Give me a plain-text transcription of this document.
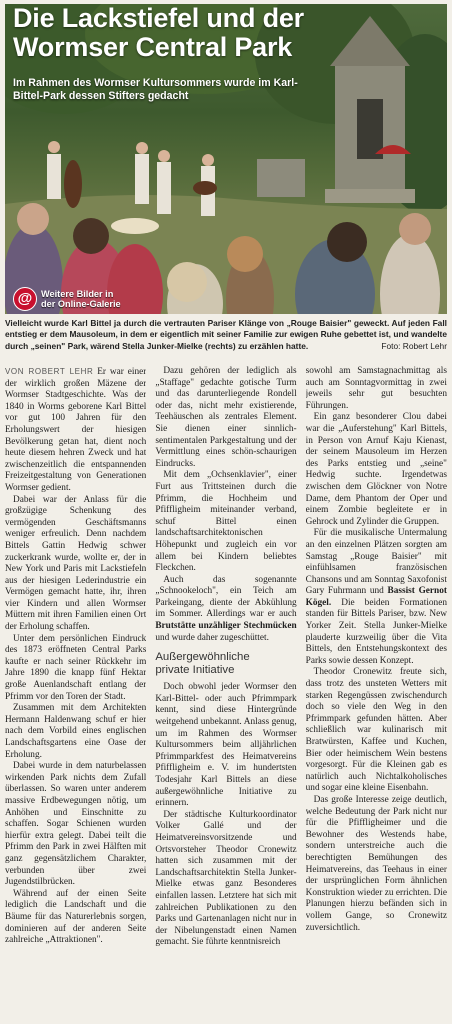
Die Lackstiefel und der
Wormser Central Park
Im Rahmen des Wormser Kultursommers wurde im Karl-Bittel-Park dessen Stifters gedacht
@ Weitere Bilder in
der Online-Galerie
Vielleicht wurde Karl Bittel ja durch die vertrauten Pariser Klänge von „Rouge Baisier" geweckt. Auf jeden Fall entstieg er dem Mausoleum, in dem er eigentlich mit seiner Familie zur ewigen Ruhe gebettet ist, und wandelte durch „seinen" Park, wärend Stella Junker-Mielke (rechts) zu erzählen hatte.	Foto: Robert Lehr

VON ROBERT LEHR Er war einer der wirklich großen Mäzene der Wormser Stadtgeschichte. Was der 1840 in Worms geborene Karl Bittel vor gut 100 Jahren für den Erholungswert der hiesigen Bevölkerung getan hat, dient noch heute diesem hehren Zweck und hat zwischenzeitlich die entspannenden Freizeitgestaltung von Generationen Wormser gedient.

Dabei war der Anlass für die großzügige Schenkung des vermögenden Geschäftsmanns weniger erfreulich. Denn nachdem Bittels Gattin Hedwig schwer zuckerkrank wurde, wollte er, der in New York und Paris mit Lackstiefeln aus der hiesigen Lederindustrie ein Vermögen gemacht hatte, ihr, ihren vier Kindern und allen Wormser Müttern mit ihren Familien einen Ort der Erholung schaffen.

Unter dem persönlichen Eindruck des 1873 eröffneten Central Parks kaufte er nach seiner Rückkehr im Jahre 1890 die knapp fünf Hektar große Auenlandschaft entlang der Pfrimm vor den Toren der Stadt.

Zusammen mit dem Architekten Hermann Haldenwang schuf er hier nach dem Vorbild eines englischen Landschaftsgartens eine Oase der Erholung.

Dabei wurde in dem naturbelassen wirkenden Park nichts dem Zufall überlassen. So waren unter anderem massive Erdbewegungen nötig, um Anhöhen und Einschnitte zu schaffen. Sogar Schienen wurden hierfür extra gelegt. Dabei teilt die Pfrimm den Park in zwei Hälften mit ganz gegensätzlichem Charakter, verbunden über zwei Jugendstilbrücken.

Während auf der einen Seite lediglich die Landschaft und die Bäume für das Naturerlebnis sorgen, dominieren auf der anderen Seite zahlreiche „Attraktionen".

Dazu gehören der lediglich als „Staffage" gedachte gotische Turm und das darunterliegende Rondell oder das, nicht mehr existierende, Teehäuschen als zentrales Element. Sie dienen einer sinnlich-sentimentalen Parkgestaltung und der Vermittlung eines schön-schaurigen Eindrucks.

Mit dem „Ochsenklavier", einer Furt aus Trittsteinen durch die Pfrimm, die Hochheim und Pfiffligheim miteinander verband, schuf Bittel einen landschaftsarchitektonischen Höhepunkt und zugleich ein vor allem bei Kindern beliebtes Fleckchen.

Auch das sogenannte „Schnookeloch", ein Teich am Parkeingang, diente der Abkühlung im Sommer. Allerdings war er auch Brutstätte unzähliger Stechmücken und wurde daher zugeschüttet.

Außergewöhnliche
private Initiative

Doch obwohl jeder Wormser den Karl-Bittel- oder auch Pfrimmpark kennt, sind diese Hintergründe weitgehend unbekannt. Anlass genug, um im Rahmen des Wormser Kultursommers beim alljährlichen Pfrimmparkfest des Heimatvereins Pfiffligheim e. V. im hundertsten Todesjahr Karl Bittels an diese außergewöhnliche Initiative zu erinnern.

Der städtische Kulturkoordinator Volker Gallé und der Heimatvereinsvorsitzende und Ortsvorsteher Theodor Cronewitz hatten sich zusammen mit der Landschaftsarchitektin Stella Junker-Mielke etwas ganz Besonderes einfallen lassen. Letztere hat sich mit zahlreichen Publikationen zu den Parks und Gartenanlagen nicht nur in der Nibelungenstadt einen Namen gemacht. Sie führte kenntnisreich

sowohl am Samstagnachmittag als auch am Sonntagvormittag in zwei jeweils sehr gut besuchten Führungen.

Ein ganz besonderer Clou dabei war die „Auferstehung" Karl Bittels, in Person von Arnuf Kaju Kienast, der seinem Mausoleum im Herzen des Parks entstieg und „seine" Hedwig suchte. Irgendetwas zwischen dem Glöckner von Notre Dame, dem Phantom der Oper und einem Zombie begleitete er in Gehrock und Zylinder die Gruppen.

Für die musikalische Untermalung an den einzelnen Plätzen sorgten am Samstag „Rouge Baisier" mit einfühlsamen französischen Chansons und am Sonntag Saxofonist Gary Fuhrmann und Bassist Gernot Kögel. Die beiden Formationen standen für Bittels Pariser, bzw. New Yorker Zeit. Stella Junker-Mielke plauderte kurzweilig über die Vita Bittels, den Entstehungskontext des Parks sowie dessen Konzept.

Theodor Cronewitz freute sich, dass trotz des unsteten Wetters mit starken Regengüssen zwischendurch doch so viele den Weg in den Pfrimmpark gefunden hätten. Aber schließlich war kulinarisch mit Bratwürsten, Kaffee und Kuchen, Bier oder heimischem Wein bestens vorgesorgt. Für die Kleinen gab es natürlich auch Nichtalkoholisches und sogar eine kleine Eisenbahn.

Das große Interesse zeige deutlich, welche Bedeutung der Park nicht nur für die Pfiffligheimer und die Bewohner des Westends habe, sondern unterstreiche auch die berechtigten Bemühungen des Heimatvereins, das Teehaus in einer der ursprünglichen Form ähnlichen Konstruktion wieder zu errichten. Die Planungen hierzu befänden sich in vollem Gange, so Cronewitz zuversichtlich.
